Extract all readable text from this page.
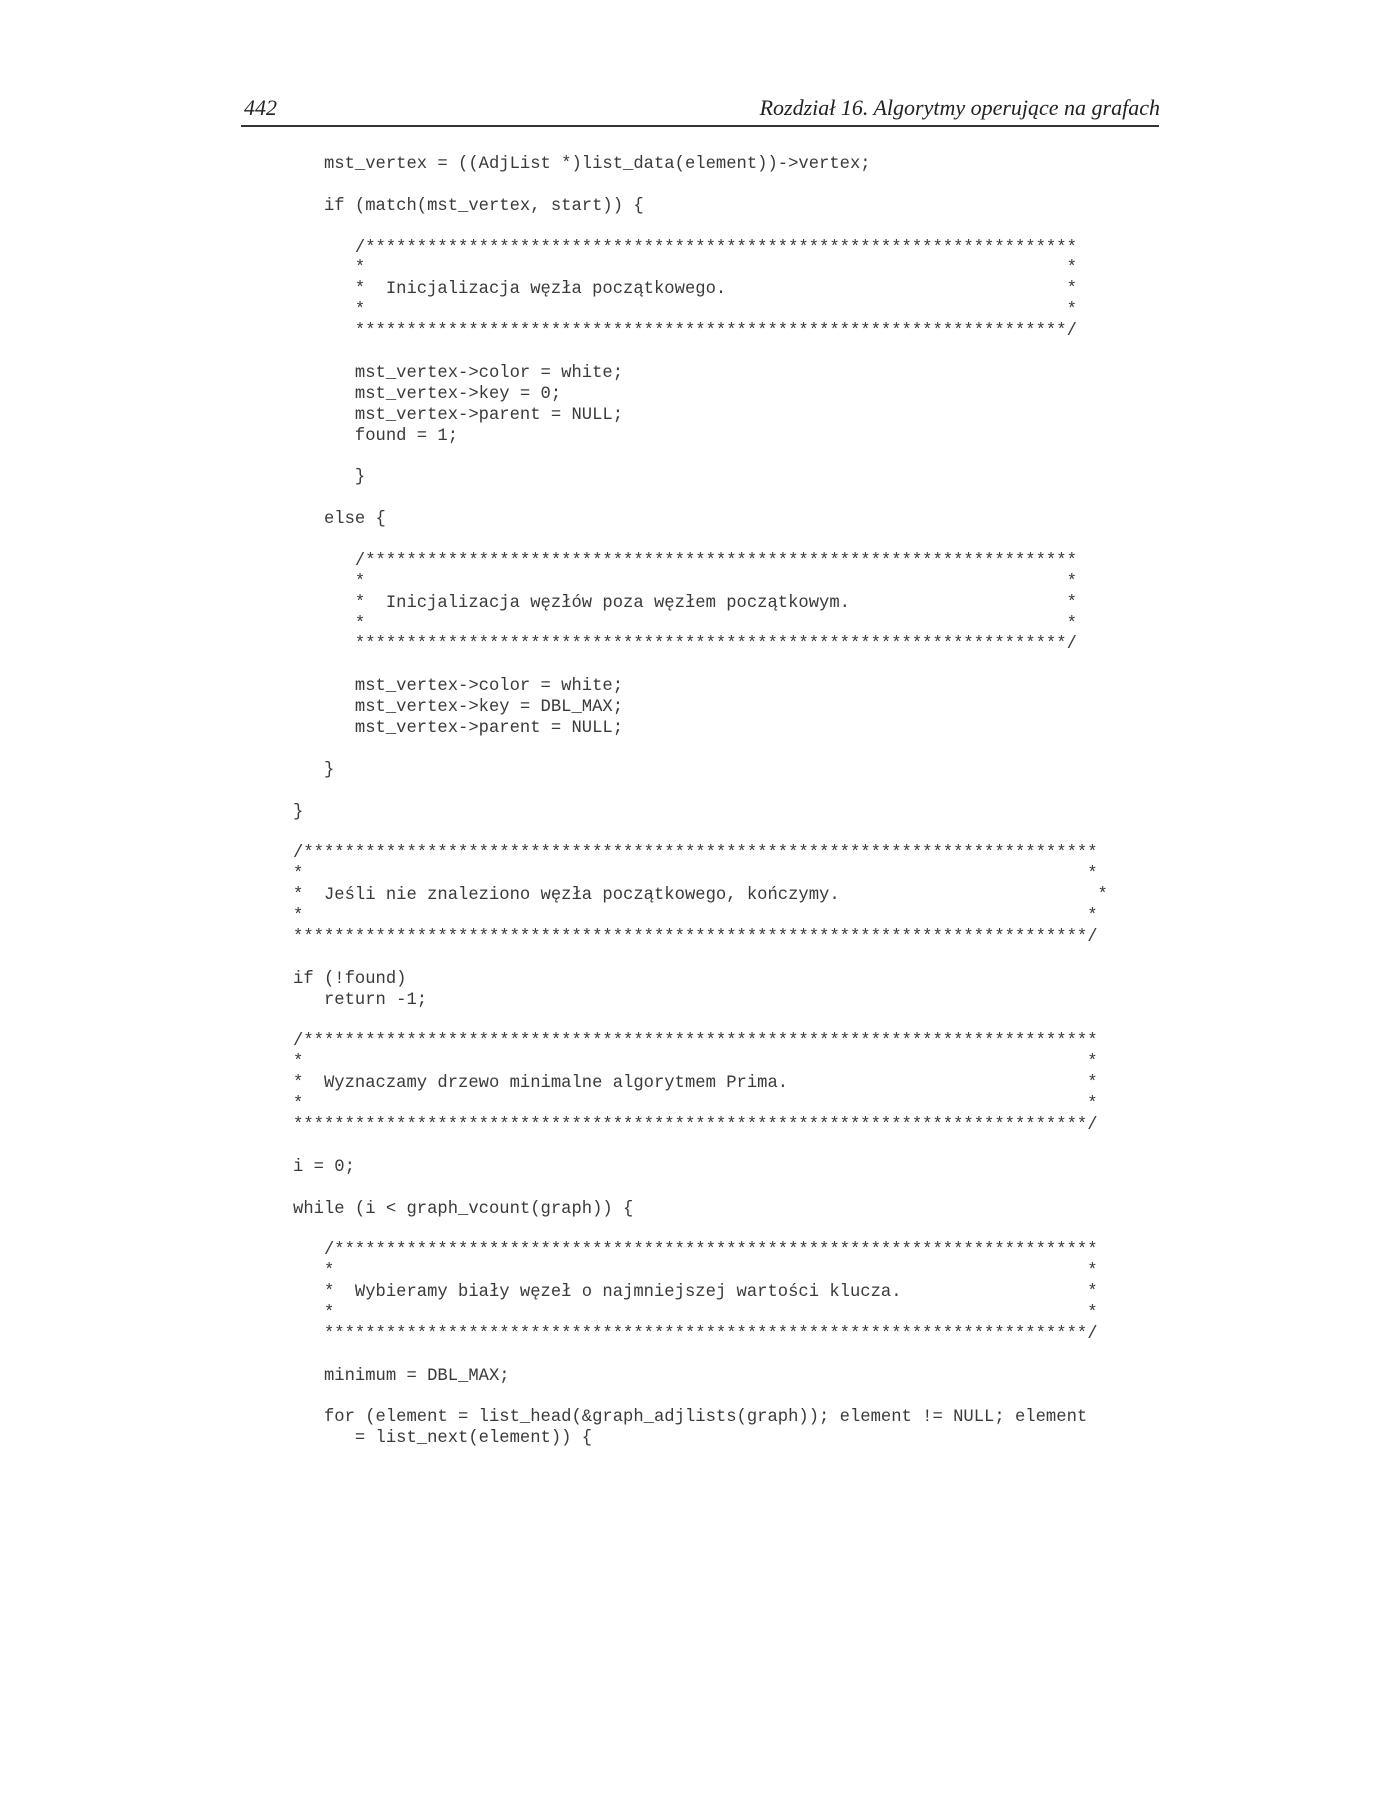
442	Rozdział 16. Algorytmy operujące na grafach
mst_vertex = ((AdjList *)list_data(element))->vertex;
if (match(mst_vertex, start)) {
/*********************************************************************
*                                                                    *
*  Inicjalizacja węzła początkowego.                                 *
*                                                                    *
*********************************************************************/
mst_vertex->color = white;
mst_vertex->key = 0;
mst_vertex->parent = NULL;
found = 1;
}
else {
/*********************************************************************
*                                                                    *
*  Inicjalizacja węzłów poza węzłem początkowym.                     *
*                                                                    *
*********************************************************************/
mst_vertex->color = white;
mst_vertex->key = DBL_MAX;
mst_vertex->parent = NULL;
}
}
/*****************************************************************************
*                                                                            *
*  Jeśli nie znaleziono węzła początkowego, kończymy.                         *
*                                                                            *
*****************************************************************************/
if (!found)
return -1;
/*****************************************************************************
*                                                                            *
*  Wyznaczamy drzewo minimalne algorytmem Prima.                             *
*                                                                            *
*****************************************************************************/
i = 0;
while (i < graph_vcount(graph)) {
/**************************************************************************
*                                                                         *
*  Wybieramy biały węzeł o najmniejszej wartości klucza.                  *
*                                                                         *
**************************************************************************/
minimum = DBL_MAX;
for (element = list_head(&graph_adjlists(graph)); element != NULL; element
= list_next(element)) {
